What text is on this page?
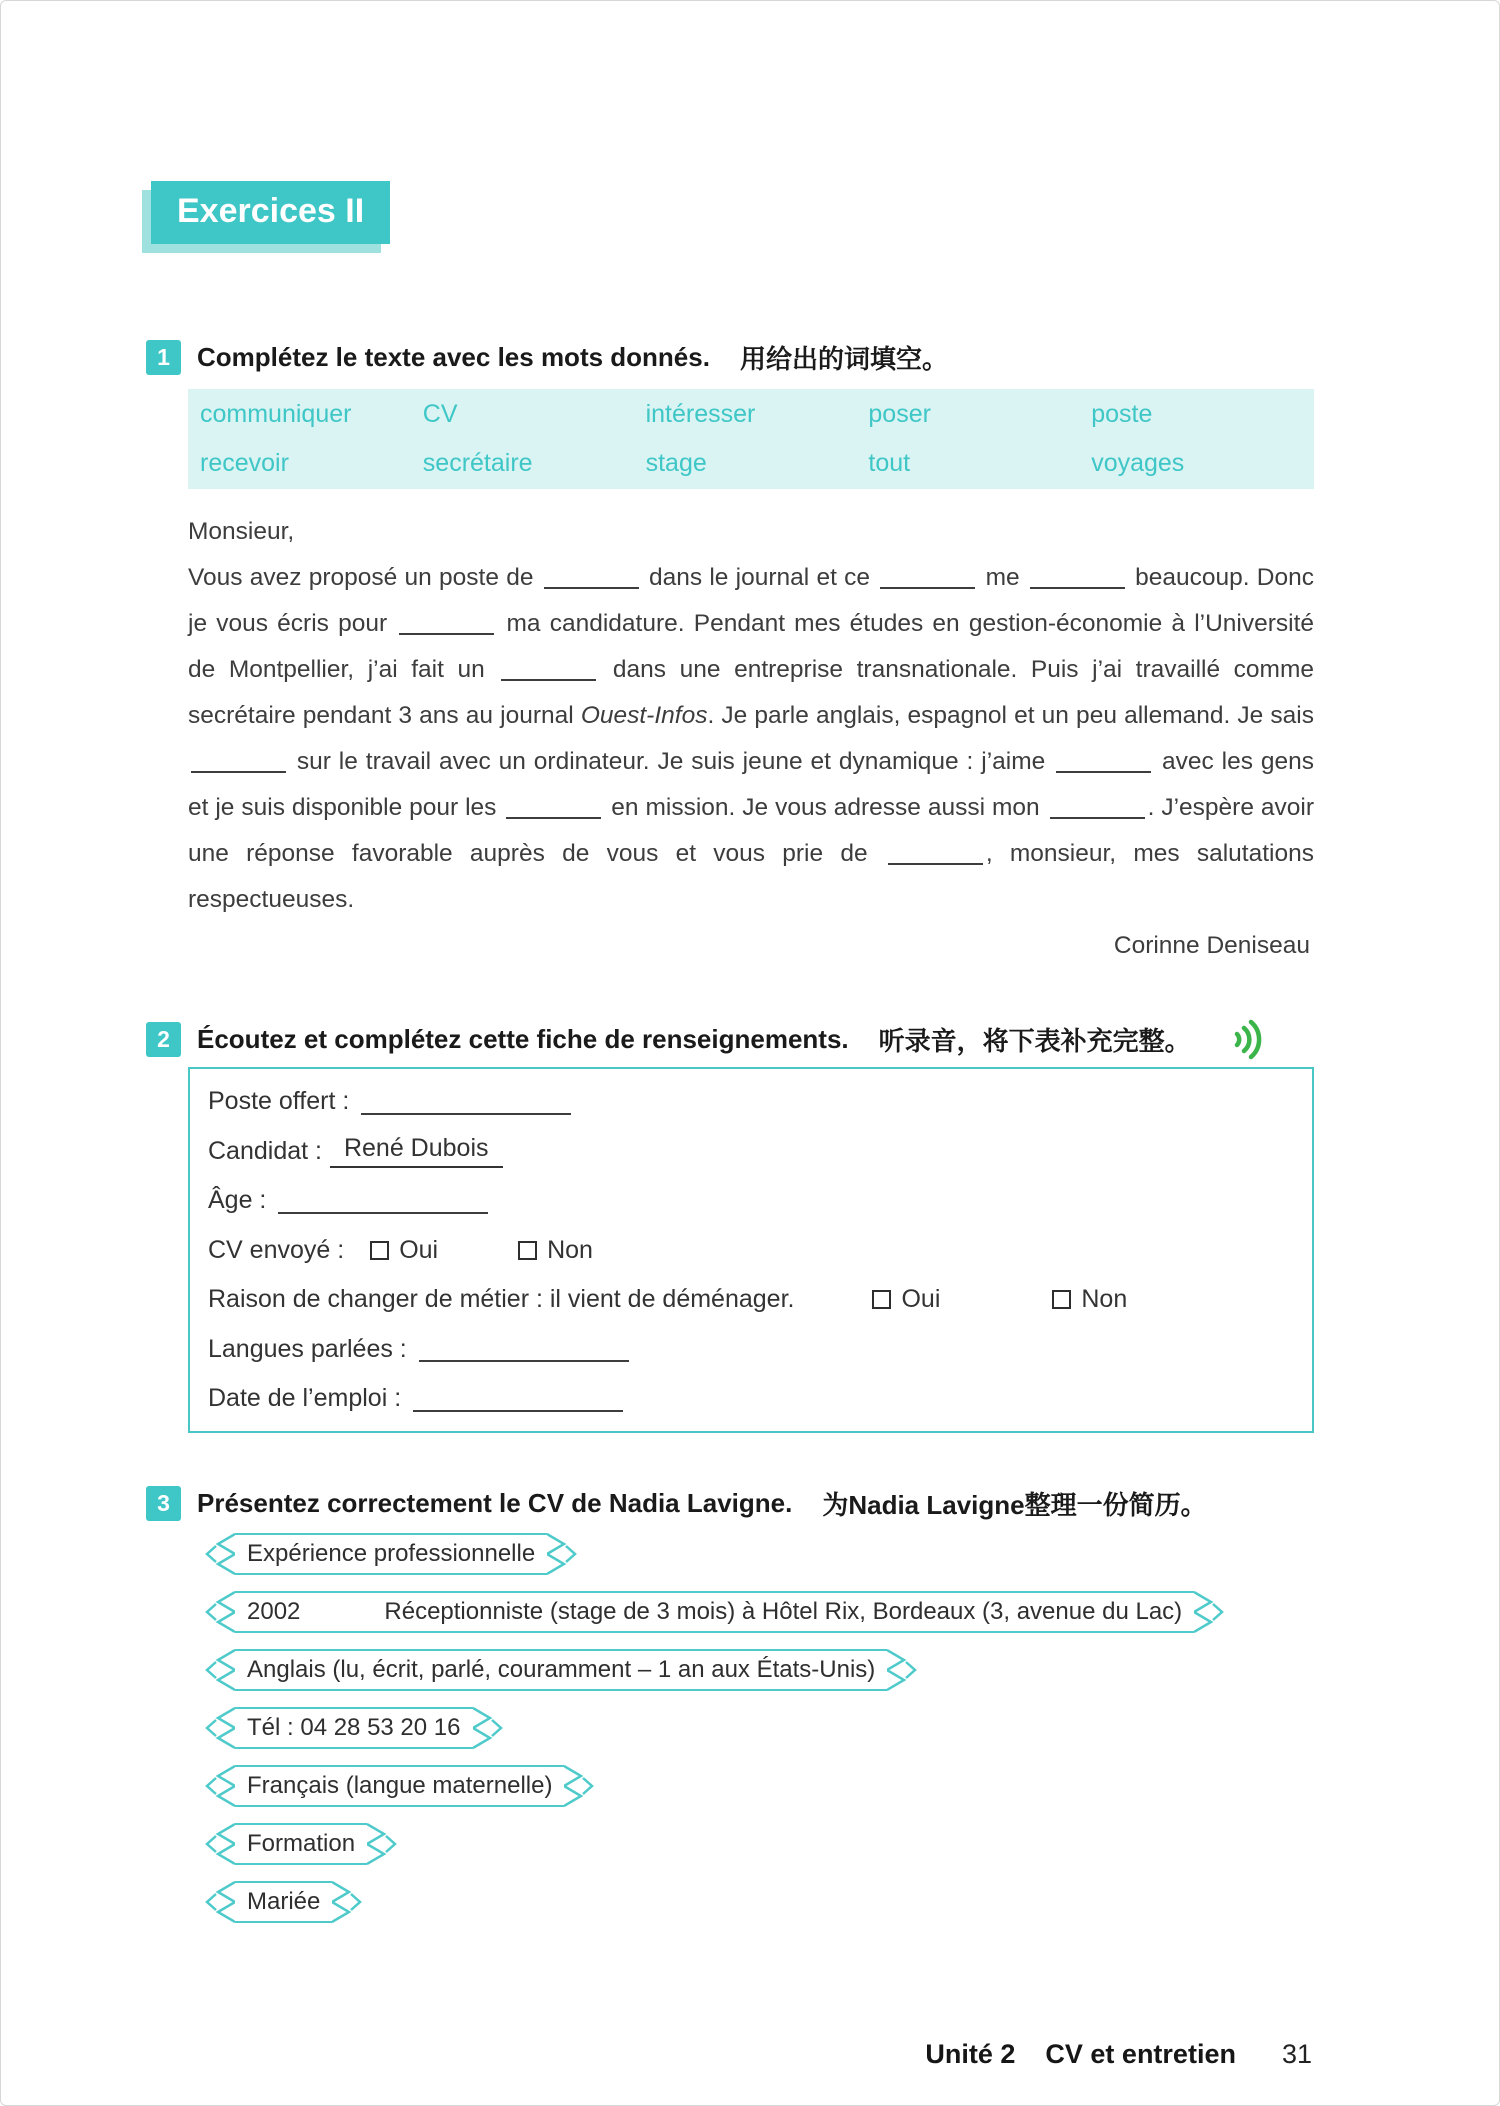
Exercices II
1	Complétez le texte avec les mots donnés. 用给出的词填空。
communiquer	CV	intéresser	poser	poste
recevoir	secrétaire	stage	tout	voyages
Monsieur,

Vous avez proposé un poste de	dans le journal et ce	me	beaucoup. Donc je vous écris pour	ma candidature. Pendant mes études en gestion-économie à l’Université de Montpellier, j’ai fait un	dans une entreprise transnationale. Puis j’ai travaillé comme secrétaire pendant 3 ans au journal Ouest-Infos. Je parle anglais, espagnol et un peu allemand. Je sais  sur le travail avec un ordinateur. Je suis jeune et dynamique : j’aime	avec les gens et je suis disponible pour les	en mission. Je vous adresse aussi mon	. J’espère avoir une réponse favorable auprès de vous et vous prie de	, monsieur, mes salutations respectueuses.

Corinne Deniseau
2	Écoutez et complétez cette fiche de renseignements. 听录音，将下表补充完整。
Poste offert :
Candidat : René Dubois
Âge :
CV envoyé : Oui	Non
Raison de changer de métier : il vient de déménager.	Oui	Non
Langues parlées :
Date de l’emploi :
3	Présentez correctement le CV de Nadia Lavigne. 为Nadia Lavigne整理一份简历。
Expérience professionnelle
2002	Réceptionniste (stage de 3 mois) à Hôtel Rix, Bordeaux (3, avenue du Lac)
Anglais (lu, écrit, parlé, couramment – 1 an aux États-Unis)
Tél : 04 28 53 20 16
Français (langue maternelle)
Formation
Mariée
Unité 2 CV et entretien 31
